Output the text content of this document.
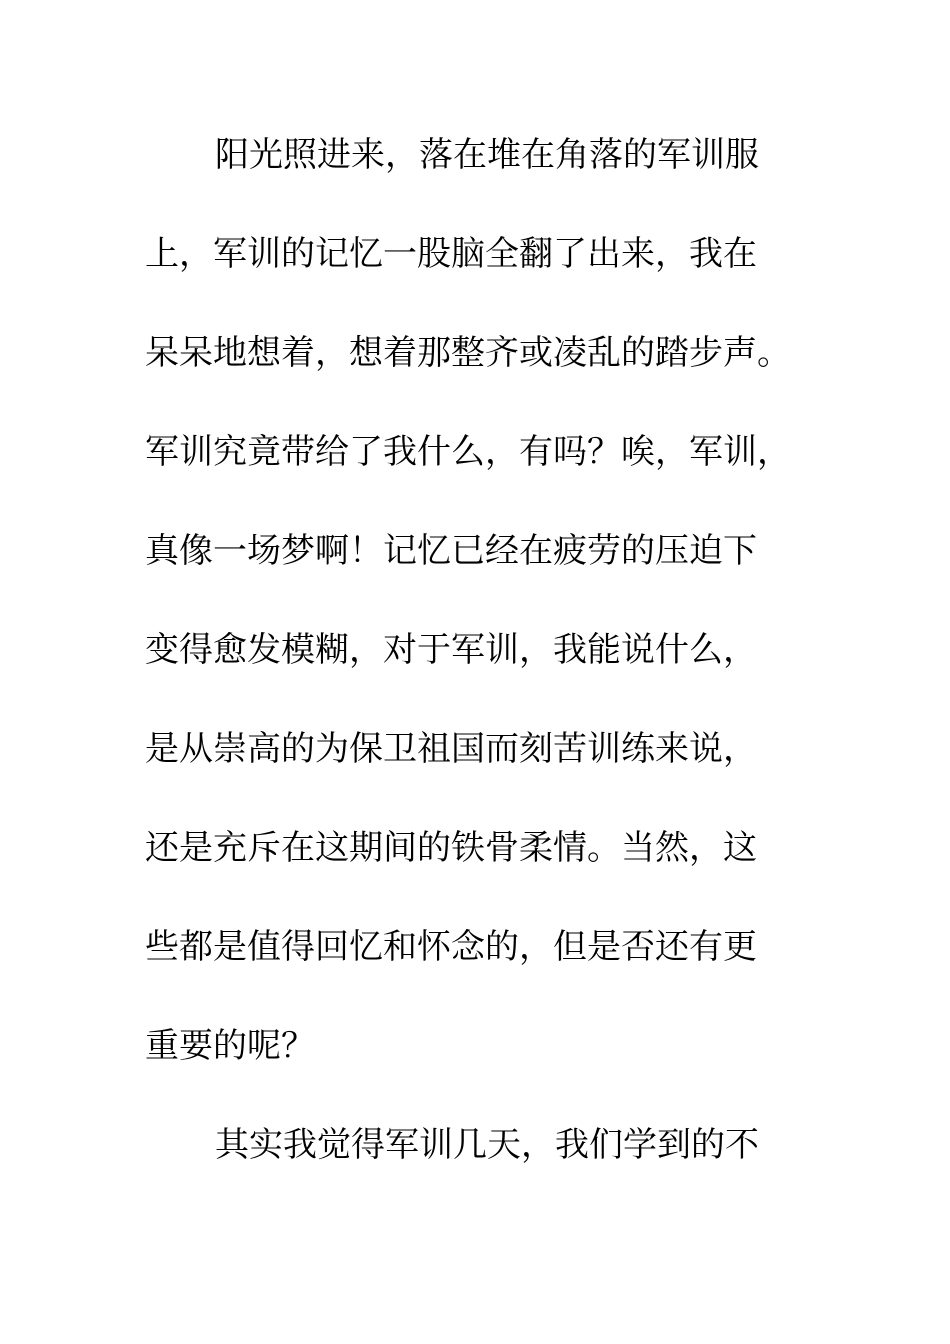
阳光照进来，落在堆在角落的军训服
上，军训的记忆一股脑全翻了出来，我在
呆呆地想着，想着那整齐或凌乱的踏步声。
军训究竟带给了我什么，有吗？唉，军训，
真像一场梦啊！记忆已经在疲劳的压迫下
变得愈发模糊，对于军训，我能说什么，
是从崇高的为保卫祖国而刻苦训练来说，
还是充斥在这期间的铁骨柔情。当然，这
些都是值得回忆和怀念的，但是否还有更
重要的呢？
其实我觉得军训几天，我们学到的不
